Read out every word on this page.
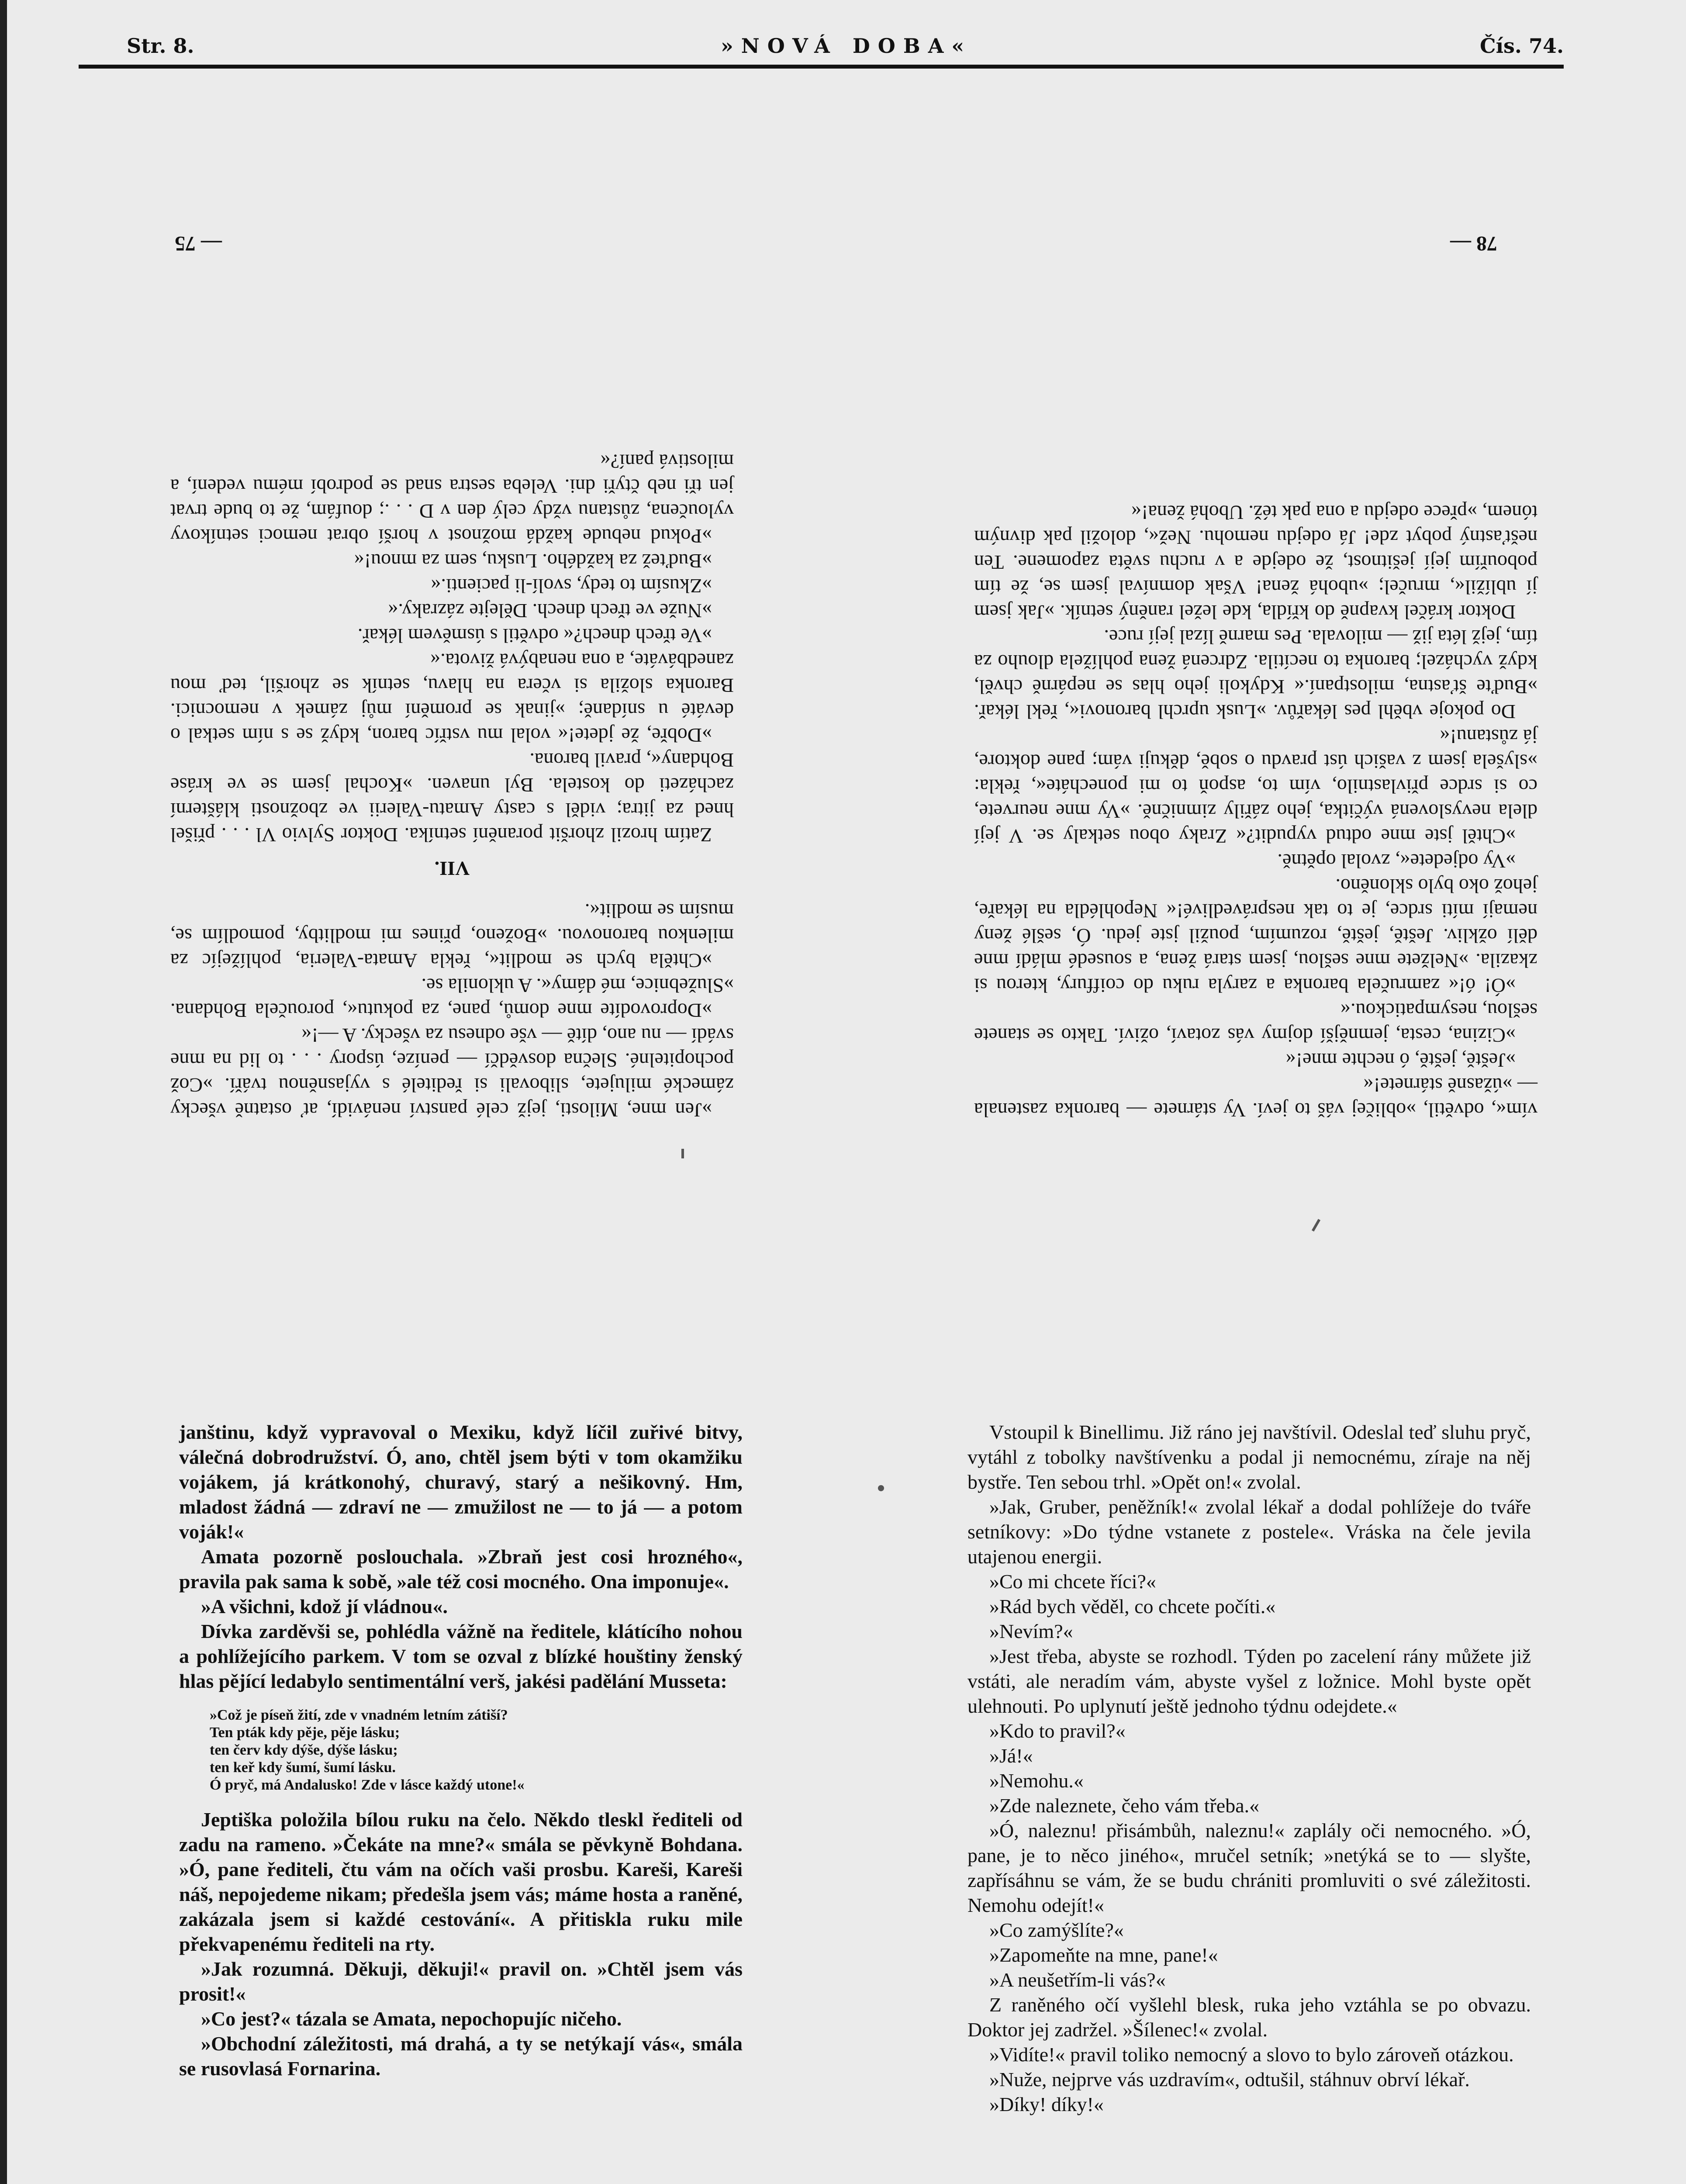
Str. 8.	»NOVÁ DOBA«	Čís. 74.

»Jen mne, Milosti, jejž celé panství nenávidí, ať ostatně všecky zámecké milujete, slibovali si ředitelé s vyjasněnou tváří. »Což pochopitelné. Slečna dosvědčí — peníze, úspory . . . to lid na mne svádí — nu ano, dítě — vše odnesu za všecky. A —!«

»Doprovodíte mne domů, pane, za pokutu«, poroučela Bohdana. »Služebnice, mé dámy«. A uklonila se.

»Chtěla bych se modlit«, řekla Amata-Valeria, pohlížejíc za milenkou baronovou. »Boženo, přines mi modlitby, pomodlím se, musím se modlit«.

VII.

Zatím hrozil zhoršit poranění setníka. Doktor Sylvio Vl . . . přišel hned za jitra; viděl s casty Amatu-Valerii ve zbožnosti klášterní zacházeti do kostela. Byl unaven. »Kochal jsem se ve kráse Bohdany«, pravil barona.

»Dobře, že jdete!« volal mu vstříc baron, když se s ním setkal o deváté u snídaně; »jinak se promění můj zámek v nemocnici. Baronka složila si včera na hlavu, setník se zhoršil, teď mou zanedbáváte, a ona nenabývá života.«

»Ve třech dnech?« odvětil s úsměvem lékař.

»Nuže ve třech dnech. Dělejte zázraky.«

»Zkusím to tedy, svolí-li pacienti.«

»Buďtež za každého. Lusku, sem za mnou!«

»Pokud nebude každá možnost v horší obrat nemoci setníkovy vyloučena, zůstanu vždy celý den v D . . .; doufám, že to bude trvat jen tři neb čtyři dni. Veleba sestra snad se podrobí mému vedení, a milostivá paní?«

— 75

vím«, odvětil, »obličej váš to jeví. Vy stárnete — baronka zastenala — »úžasně stárnete!«

»Ještě, ještě, ó nechte mne!«

»Cizina, cesta, jemnější dojmy vás zotaví, oživí. Takto se stanete sešlou, nesympatickou.«

»Ó! ó!« zamručela baronka a zaryla ruku do coiffury, kterou si zkazila. »Nelžete mne sešlou, jsem stará žena, a sousedé mládí mne dělí ožkliv. Ještě, ještě, rozumím, použil jste jedu. Ó, sešlé ženy nemají míti srdce, je to tak nesprávedlivé!« Nepohlédla na lékaře, jehož oko bylo skloněno.

»Vy odjedete«, zvolal opětně.

»Chtěl jste mne odtud vypudit?« Zraky obou setkaly se. V její dlela nevyslovená výčitka, jeho zářily zimničně. »Vy mne neurvete, co si srdce přivlastnilo, vím to, aspoň to mi ponecháte«, řekla: »slyšela jsem z vašich úst pravdu o sobě, děkuji vám; pane doktore, já zůstanu!«

Do pokoje vběhl pes lékařův. »Lusk uprchl baronovi«, řekl lékař. »Buďte šťastna, milostpaní.« Kdykoli jeho hlas se nepárně chvěl, když vycházel; baronka to necítila. Zdrcená žena pohlížela dlouho za tím, jejž léta již — milovala. Pes marně lízal její ruce.

Doktor kráčel kvapně do křídla, kde ležel raněný setník. »Jak jsem jí ublížil«, mručel; »ubohá žena! Však domníval jsem se, že tím pobouřím její ješitnost, že odejde a v ruchu světa zapomene. Ten nešťastný pobyt zde! Já odejdu nemohu. Než«, doložil pak divným tónem, »přece odejdu a ona pak též. Ubohá žena!«

78 —

janštinu, když vypravoval o Mexiku, když líčil zuřivé bitvy, válečná dobrodružství. Ó, ano, chtěl jsem býti v tom okamžiku vojákem, já krátkonohý, churavý, starý a nešikovný. Hm, mladost žádná — zdraví ne — zmužilost ne — to já — a potom voják!«

Amata pozorně poslouchala. »Zbraň jest cosi hrozného«, pravila pak sama k sobě, »ale též cosi mocného. Ona imponuje«.

»A všichni, kdož jí vládnou«.

Dívka zarděvši se, pohlédla vážně na ředitele, klátícího nohou a pohlížejícího parkem. V tom se ozval z blízké houštiny ženský hlas pějící ledabylo sentimentální verš, jakési padělání Musseta:

»Což je píseň žití, zde v vnadném letním zátiší?
Ten pták kdy pěje, pěje lásku;
ten červ kdy dýše, dýše lásku;
ten keř kdy šumí, šumí lásku.
Ó pryč, má Andalusko! Zde v lásce každý utone!«

Jeptiška položila bílou ruku na čelo. Někdo tleskl řediteli od zadu na rameno. »Čekáte na mne?« smála se pěvkyně Bohdana. »Ó, pane řediteli, čtu vám na očích vaši prosbu. Kareši, Kareši náš, nepojedeme nikam; předešla jsem vás; máme hosta a raněné, zakázala jsem si každé cestování«. A přitiskla ruku mile překvapenému řediteli na rty.

»Jak rozumná. Děkuji, děkuji!« pravil on. »Chtěl jsem vás prosit!«

»Co jest?« tázala se Amata, nepochopujíc ničeho.

»Obchodní záležitosti, má drahá, a ty se netýkají vás«, smála se rusovlasá Fornarina.

Vstoupil k Binellimu. Již ráno jej navštívil. Odeslal teď sluhu pryč, vytáhl z tobolky navštívenku a podal ji nemocnému, zíraje na něj bystře. Ten sebou trhl. »Opět on!« zvolal.

»Jak, Gruber, peněžník!« zvolal lékař a dodal pohlížeje do tváře setníkovy: »Do týdne vstanete z postele«. Vráska na čele jevila utajenou energii.

»Co mi chcete říci?«

»Rád bych věděl, co chcete počíti.«

»Nevím?«

»Jest třeba, abyste se rozhodl. Týden po zacelení rány můžete již vstáti, ale neradím vám, abyste vyšel z ložnice. Mohl byste opět ulehnouti. Po uplynutí ještě jednoho týdnu odejdete.«

»Kdo to pravil?«

»Já!«

»Nemohu.«

»Zde naleznete, čeho vám třeba.«

»Ó, naleznu! přisámbůh, naleznu!« zaplály oči nemocného. »Ó, pane, je to něco jiného«, mručel setník; »netýká se to — slyšte, zapřísáhnu se vám, že se budu chrániti promluviti o své záležitosti. Nemohu odejít!«

»Co zamýšlíte?«

»Zapomeňte na mne, pane!«

»A neušetřím-li vás?«

Z raněného očí vyšlehl blesk, ruka jeho vztáhla se po obvazu. Doktor jej zadržel. »Šílenec!« zvolal.

»Vidíte!« pravil toliko nemocný a slovo to bylo zároveň otázkou.

»Nuže, nejprve vás uzdravím«, odtušil, stáhnuv obrví lékař.

»Díky! díky!«
